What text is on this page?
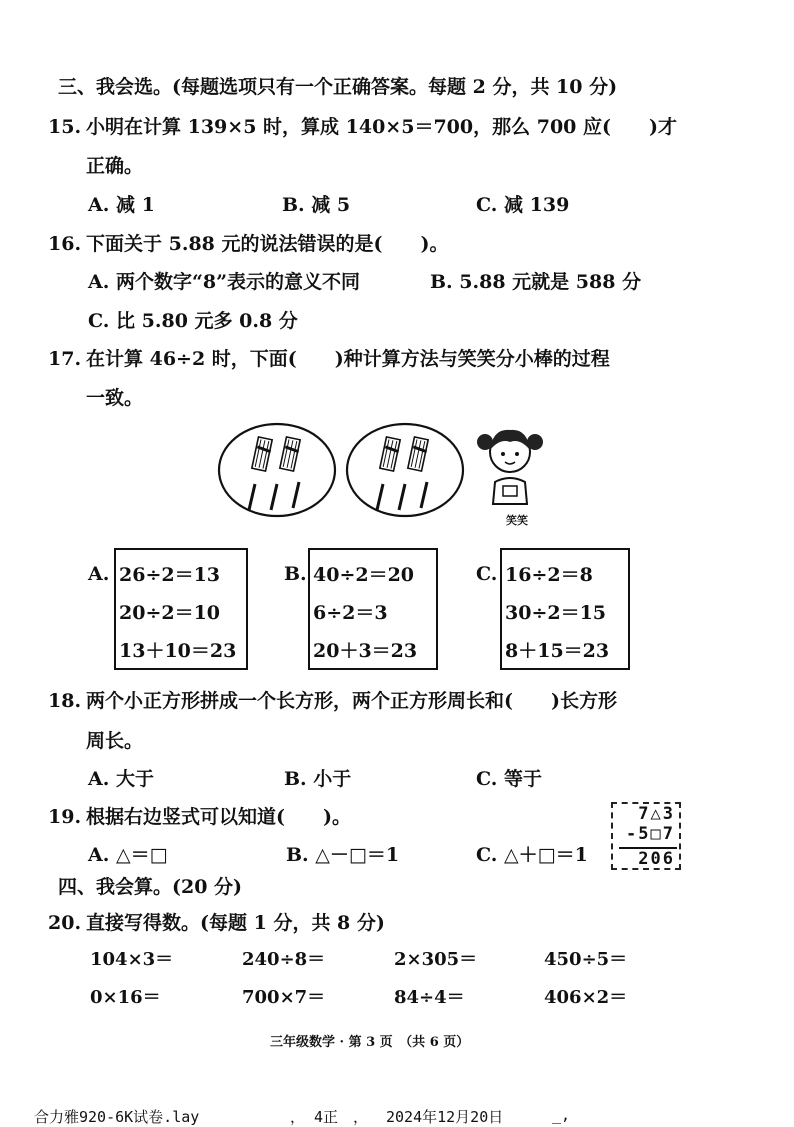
三、我会选。(每题选项只有一个正确答案。每题 2 分，共 10 分)
15. 小明在计算 139×5 时，算成 140×5＝700，那么 700 应(　　)才
正确。
A. 减 1	B. 减 5	C. 减 139
16. 下面关于 5.88 元的说法错误的是(　　)。
A. 两个数字“8”表示的意义不同	B. 5.88 元就是 588 分
C. 比 5.80 元多 0.8 分
17. 在计算 46÷2 时，下面(　　)种计算方法与笑笑分小棒的过程
一致。
笑笑
A. 26÷2＝13
20÷2＝10
13＋10＝23
B. 40÷2＝20
6÷2＝3
20＋3＝23
C. 16÷2＝8
30÷2＝15
8＋15＝23
18. 两个小正方形拼成一个长方形，两个正方形周长和(　　)长方形
周长。
A. 大于	B. 小于	C. 等于
19. 根据右边竖式可以知道(　　)。
A. △＝□	B. △－□＝1	C. △＋□＝1
7△3
-5□7
206
四、我会算。(20 分)
20. 直接写得数。(每题 1 分，共 8 分)
104×3＝	240÷8＝	2×305＝	450÷5＝
0×16＝	700×7＝	84÷4＝	406×2＝
三年级数学 · 第 3 页　（共 6 页）
合力雅920-6K试卷.lay	， 4正　， 2024年12月20日	_,
